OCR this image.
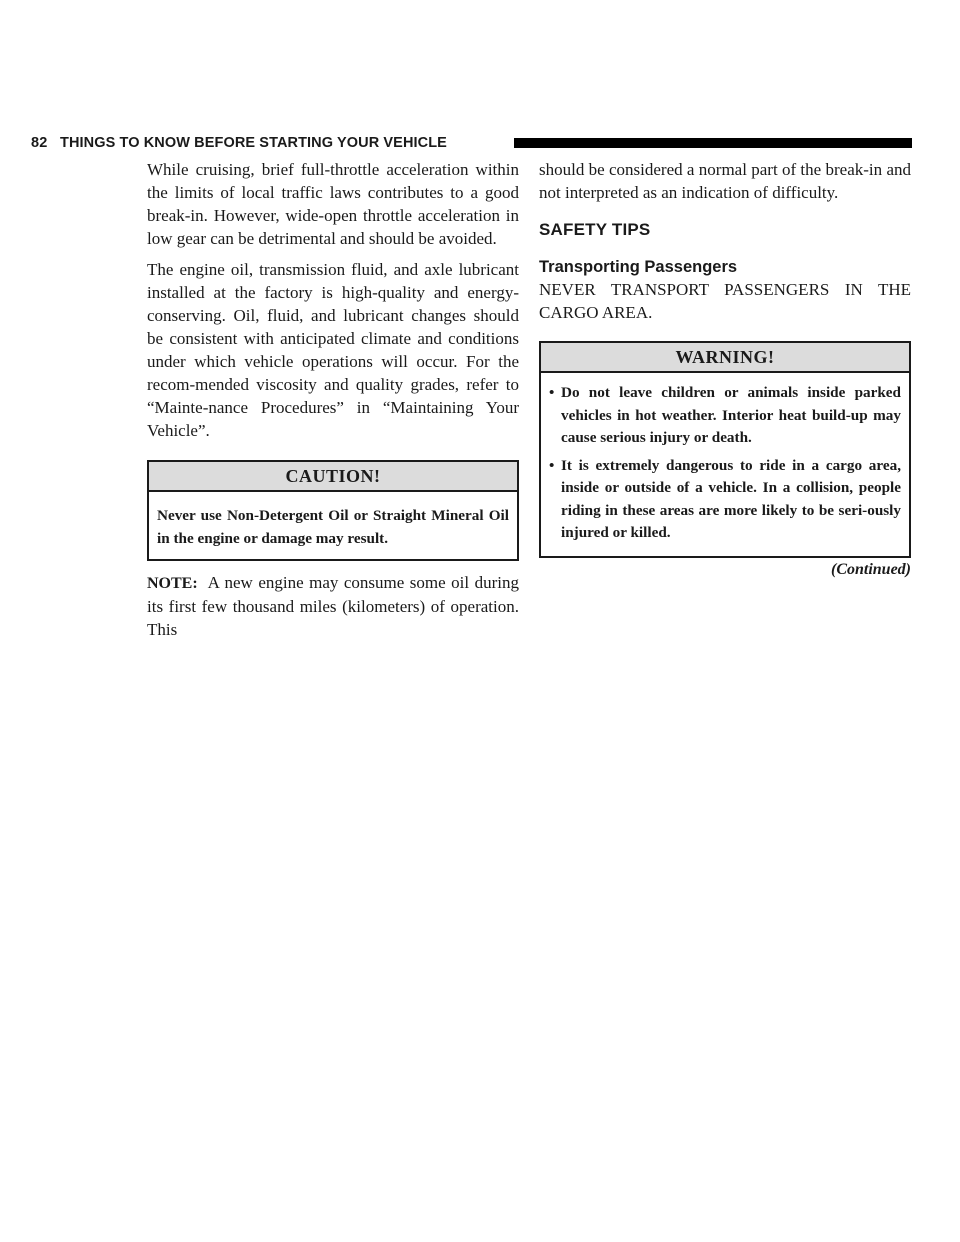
82 THINGS TO KNOW BEFORE STARTING YOUR VEHICLE

While cruising, brief full-throttle acceleration within the limits of local traffic laws contributes to a good break-in. However, wide-open throttle acceleration in low gear can be detrimental and should be avoided.

The engine oil, transmission fluid, and axle lubricant installed at the factory is high-quality and energy-conserving. Oil, fluid, and lubricant changes should be consistent with anticipated climate and conditions under which vehicle operations will occur. For the recom-mended viscosity and quality grades, refer to “Mainte-nance Procedures” in “Maintaining Your Vehicle”.

CAUTION!
Never use Non-Detergent Oil or Straight Mineral Oil in the engine or damage may result.

NOTE: A new engine may consume some oil during its first few thousand miles (kilometers) of operation. This

should be considered a normal part of the break-in and not interpreted as an indication of difficulty.

SAFETY TIPS
Transporting Passengers

NEVER TRANSPORT PASSENGERS IN THE CARGO AREA.

WARNING!
• Do not leave children or animals inside parked vehicles in hot weather. Interior heat build-up may cause serious injury or death.
• It is extremely dangerous to ride in a cargo area, inside or outside of a vehicle. In a collision, people riding in these areas are more likely to be seri-ously injured or killed.
(Continued)
